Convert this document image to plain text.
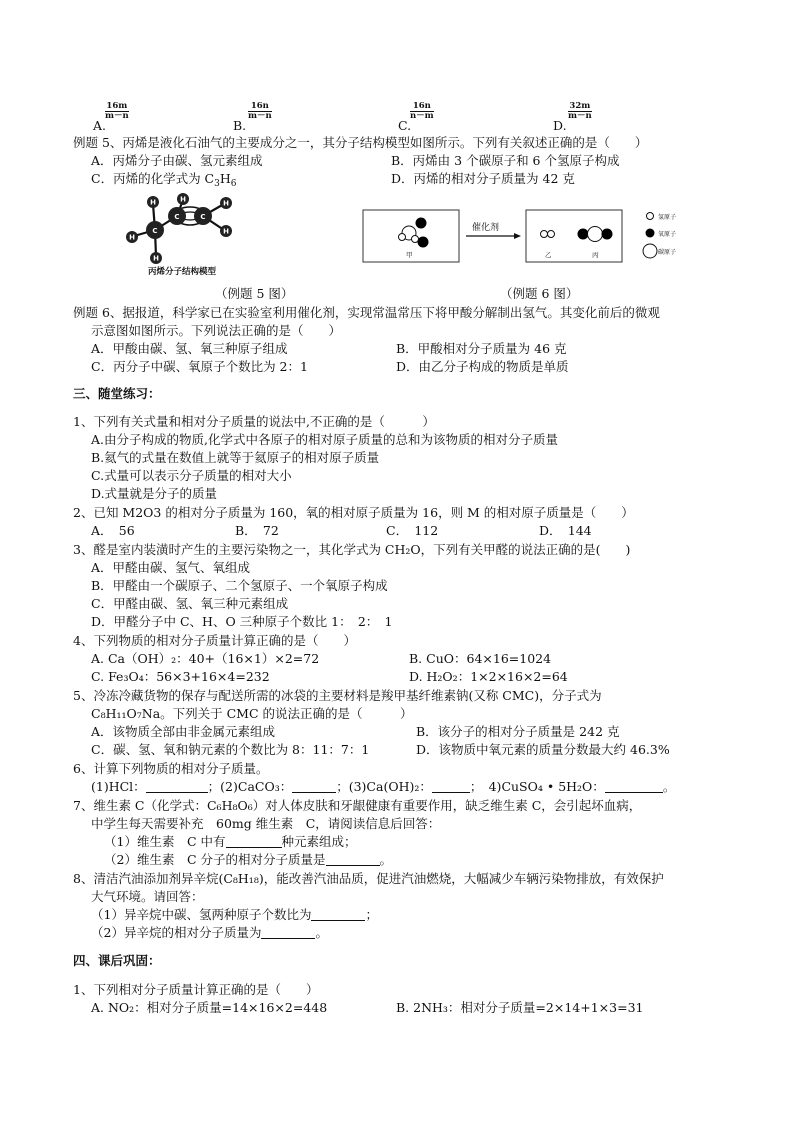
A.
$\frac{16m}{m-n}$
B.
$\frac{16n}{m-n}$
C.
$\frac{16n}{n-m}$
D.
$\frac{32m}{m-n}$
例题 5、丙烯是液化石油气的主要成分之一，其分子结构模型如图所示。下列有关叙述正确的是（　　）
A．丙烯分子由碳、氢元素组成	B．丙烯由 3 个碳原子和 6 个氢原子构成
C．丙烯的化学式为 $C_3H_6$	D．丙烯的相对分子质量为 42 克
H
H
H
H	H
H
C
C	C
丙烯分子结构模型
甲
催化剂
乙	丙
氢原子
氧原子
碳原子
（例题 5 图）	（例题 6 图）
例题 6、据报道，科学家已在实验室利用催化剂，实现常温常压下将甲酸分解制出氢气。其变化前后的微观
示意图如图所示。下列说法正确的是（　　）
A．甲酸由碳、氢、氧三种原子组成	B．甲酸相对分子质量为 46 克
C．丙分子中碳、氧原子个数比为 2：1	D．由乙分子构成的物质是单质
三、随堂练习：
1、下列有关式量和相对分子质量的说法中,不正确的是（　　　）
A.由分子构成的物质,化学式中各原子的相对原子质量的总和为该物质的相对分子质量
B.氦气的式量在数值上就等于氦原子的相对原子质量
C.式量可以表示分子质量的相对大小
D.式量就是分子的质量
2、已知 M2O3 的相对分子质量为 160，氧的相对原子质量为 16，则 M 的相对原子质量是（　　）
A．　56	B．　72	C．　112	D．　144
3、醛是室内装潢时产生的主要污染物之一，其化学式为 CH₂O，下列有关甲醛的说法正确的是(　　)
A．甲醛由碳、氢气、氧组成
B．甲醛由一个碳原子、二个氢原子、一个氧原子构成
C．甲醛由碳、氢、氧三种元素组成
D．甲醛分子中 C、H、O 三种原子个数比 1：　2：　1
4、下列物质的相对分子质量计算正确的是（　　）
A. Ca（OH）₂：40+（16×1）×2=72	B. CuO：64×16=1024
C. Fe₃O₄：56×3+16×4=232	D. H₂O₂：1×2×16×2=64
5、冷冻冷藏货物的保存与配送所需的冰袋的主要材料是羧甲基纤维素钠(又称 CMC)，分子式为
C₈H₁₁O₇Na。下列关于 CMC 的说法正确的是（　　　）
A．该物质全部由非金属元素组成	B．该分子的相对分子质量是 242 克
C．碳、氢、氧和钠元素的个数比为 8：11：7：1	D．该物质中氧元素的质量分数最大约 46.3%
6、计算下列物质的相对分子质量。
(1)HCl：	；(2)CaCO₃：	；(3)Ca(OH)₂：	；　4)CuSO₄ • 5H₂O：	。
7、维生素 C（化学式：C₆H₈O₆）对人体皮肤和牙龈健康有重要作用，缺乏维生素 C，会引起坏血病，
中学生每天需要补充　60mg 维生素　C，请阅读信息后回答：
（1）维生素　C 中有	种元素组成；
（2）维生素　C 分子的相对分子质量是	。
8、清洁汽油添加剂异辛烷(C₈H₁₈)，能改善汽油品质，促进汽油燃烧，大幅减少车辆污染物排放，有效保护
大气环境。请回答：
（1）异辛烷中碳、氢两种原子个数比为	；
（2）异辛烷的相对分子质量为	。
四、课后巩固：
1、下列相对分子质量计算正确的是（　　）
A. NO₂：相对分子质量=14×16×2=448	B. 2NH₃：相对分子质量=2×14+1×3=31
